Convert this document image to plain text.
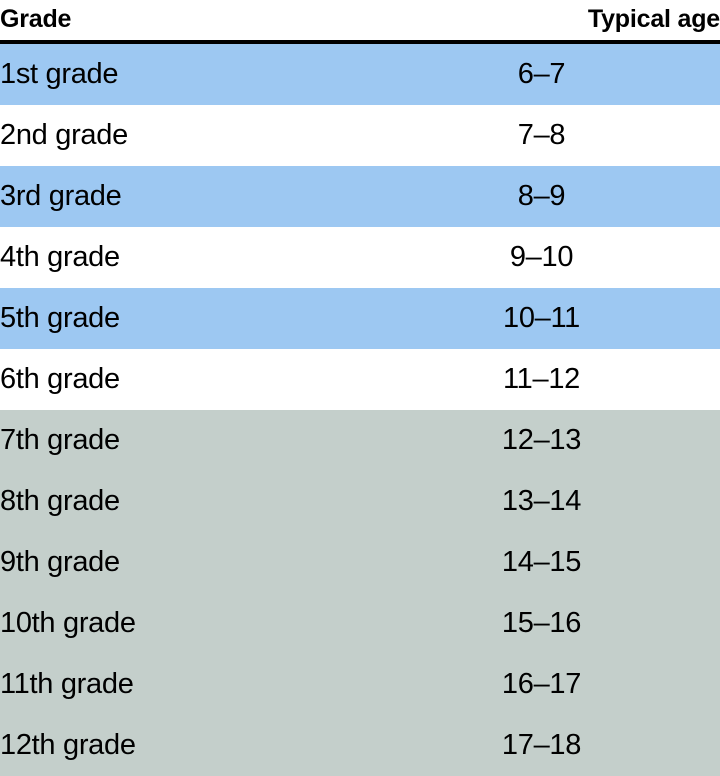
Grade	Typical age
1st grade	6–7
2nd grade	7–8
3rd grade	8–9
4th grade	9–10
5th grade	10–11
6th grade	11–12
7th grade	12–13
8th grade	13–14
9th grade	14–15
10th grade	15–16
11th grade	16–17
12th grade	17–18
